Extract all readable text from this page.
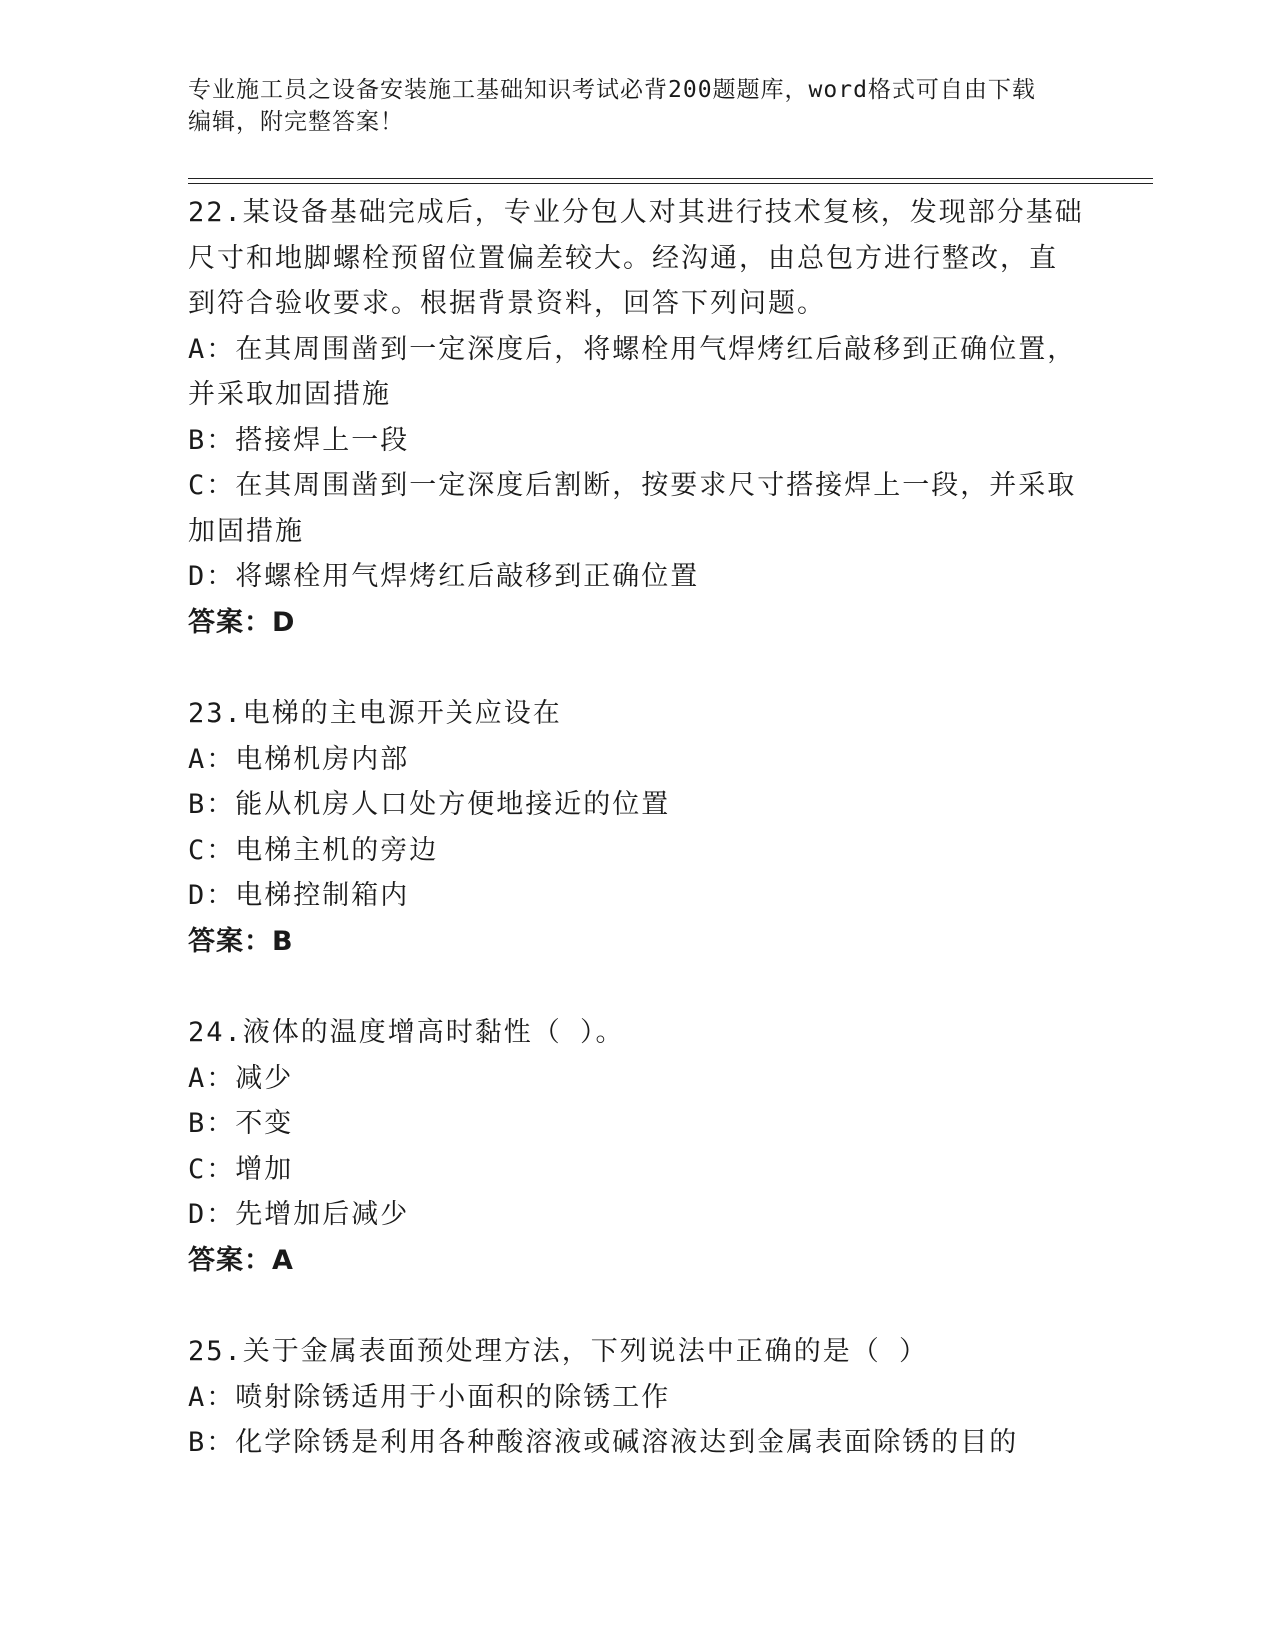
专业施工员之设备安装施工基础知识考试必背200题题库，word格式可自由下载
编辑，附完整答案！
22.某设备基础完成后，专业分包人对其进行技术复核，发现部分基础
尺寸和地脚螺栓预留位置偏差较大。经沟通，由总包方进行整改，直
到符合验收要求。根据背景资料，回答下列问题。
A：在其周围凿到一定深度后，将螺栓用气焊烤红后敲移到正确位置，
并采取加固措施
B：搭接焊上一段
C：在其周围凿到一定深度后割断，按要求尺寸搭接焊上一段，并采取
加固措施
D：将螺栓用气焊烤红后敲移到正确位置
答案：D
23.电梯的主电源开关应设在
A：电梯机房内部
B：能从机房人口处方便地接近的位置
C：电梯主机的旁边
D：电梯控制箱内
答案：B
24.液体的温度增高时黏性（ ）。
A：减少
B：不变
C：增加
D：先增加后减少
答案：A
25.关于金属表面预处理方法，下列说法中正确的是（ ）
A：喷射除锈适用于小面积的除锈工作
B：化学除锈是利用各种酸溶液或碱溶液达到金属表面除锈的目的
